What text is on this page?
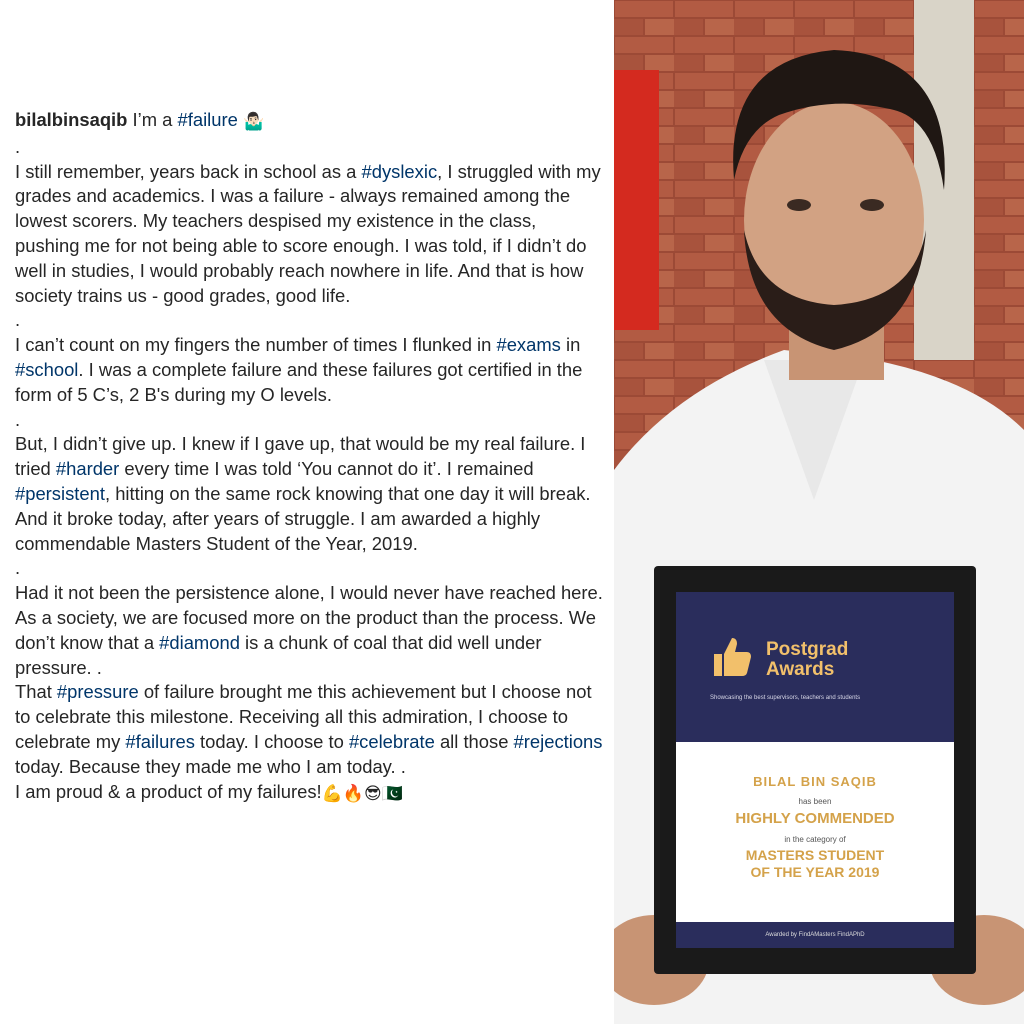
bilalbinsaqib I’m a #failure 🤷🏻‍♂️

.

I still remember, years back in school as a #dyslexic, I struggled with my grades and academics. I was a failure - always remained among the lowest scorers. My teachers despised my existence in the class, pushing me for not being able to score enough. I was told, if I didn’t do well in studies, I would probably reach nowhere in life. And that is how society trains us - good grades, good life.

.

I can’t count on my fingers the number of times I flunked in #exams in #school. I was a complete failure and these failures got certified in the form of 5 C’s, 2 B's during my O levels.

.

But, I didn’t give up. I knew if I gave up, that would be my real failure. I tried #harder every time I was told ‘You cannot do it’. I remained #persistent, hitting on the same rock knowing that one day it will break. And it broke today, after years of struggle. I am awarded a highly commendable Masters Student of the Year, 2019.

.

Had it not been the persistence alone, I would never have reached here. As a society, we are focused more on the product than the process. We don’t know that a #diamond is a chunk of coal that did well under pressure. .

That #pressure of failure brought me this achievement but I choose not to celebrate this milestone. Receiving all this admiration, I choose to celebrate my #failures today. I choose to #celebrate all those #rejections today. Because they made me who I am today. .

I am proud & a product of my failures!💪🔥😎🇵🇰

Postgrad
Awards
Showcasing the best supervisors, teachers and students
BILAL BIN SAQIB
has been
HIGHLY COMMENDED
in the category of
MASTERS STUDENT
OF THE YEAR 2019
Awarded by FindAMasters FindAPhD
